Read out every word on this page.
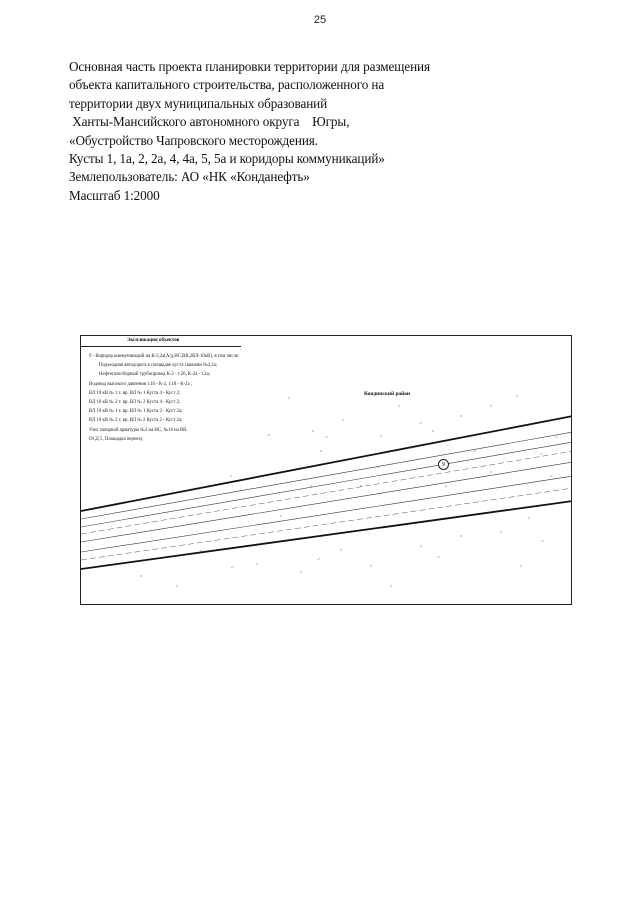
25
Основная часть проекта планировки территории для размещения
объекта капитального строительства, расположенного на
территории двух муниципальных образований
Ханты-Мансийского автономного округа    Югры,
«Обустройство Чапровского месторождения.
Кусты 1, 1а, 2, 2а, 4, 4а, 5, 5а и коридоры коммуникаций»
Землепользователь: АО «НК «Конданефть»
Масштаб 1:2000
Экспликация объектов
9 - Коридор коммуникаций на К-2,2а(А/д,НС,ВВ,2ВЛ-10кВ), в том числе:
Подъездная автодорога к площадке куста скважин №2,2а;
Нефтегазосборный трубопровод К-2 - т.26, К-2а - т.2а;
Водовод высокого давления т.16 - К-2, т.18 - К-2а ;
ВЛ 10 кВ № 1 т. вр. ВЛ № 1 Куста 4 - Куст 2;
ВЛ 10 кВ № 2 т. вр. ВЛ № 2 Куста 4 - Куст 2;
ВЛ 10 кВ № 1 т. вр. ВЛ № 1 Куста 2 - Куст 2а;
ВЛ 10 кВ № 2 т. вр. ВЛ № 2 Куста 2 - Куст 2а;
Узел запорной арматуры №3 на НС, №16 на ВВ,
ОСД 5, Площадка переезд
Кондинский район
9
